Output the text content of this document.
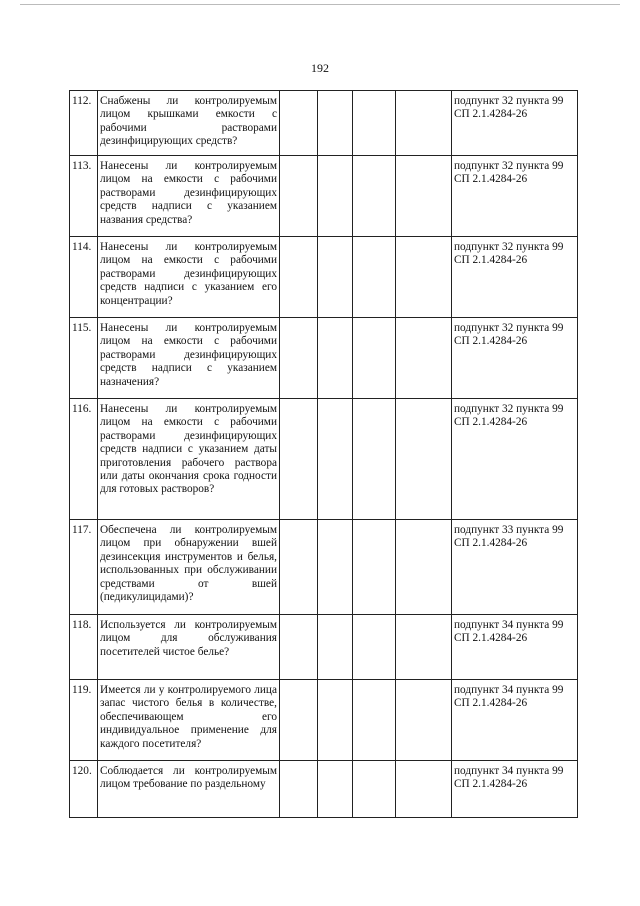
192
112.	Снабжены ли контролируемым лицом крышками емкости с рабочими растворами дезинфицирующих средств?					подпункт 32 пункта 99 СП 2.1.4284-26
113.	Нанесены ли контролируемым лицом на емкости с рабочими растворами дезинфицирующих средств надписи с указанием названия средства?					подпункт 32 пункта 99 СП 2.1.4284-26
114.	Нанесены ли контролируемым лицом на емкости с рабочими растворами дезинфицирующих средств надписи с указанием его концентрации?					подпункт 32 пункта 99 СП 2.1.4284-26
115.	Нанесены ли контролируемым лицом на емкости с рабочими растворами дезинфицирующих средств надписи с указанием назначения?					подпункт 32 пункта 99 СП 2.1.4284-26
116.	Нанесены ли контролируемым лицом на емкости с рабочими растворами дезинфицирующих средств надписи с указанием даты приготовления рабочего раствора или даты окончания срока годности для готовых растворов?					подпункт 32 пункта 99 СП 2.1.4284-26
117.	Обеспечена ли контролируемым лицом при обнаружении вшей дезинсекция инструментов и белья, использованных при обслуживании средствами от вшей (педикулицидами)?					подпункт 33 пункта 99 СП 2.1.4284-26
118.	Используется ли контролируемым лицом для обслуживания посетителей чистое белье?					подпункт 34 пункта 99 СП 2.1.4284-26
119.	Имеется ли у контролируемого лица запас чистого белья в количестве, обеспечивающем его индивидуальное применение для каждого посетителя?					подпункт 34 пункта 99 СП 2.1.4284-26
120.	Соблюдается ли контролируемым лицом требование по раздельному					подпункт 34 пункта 99 СП 2.1.4284-26
